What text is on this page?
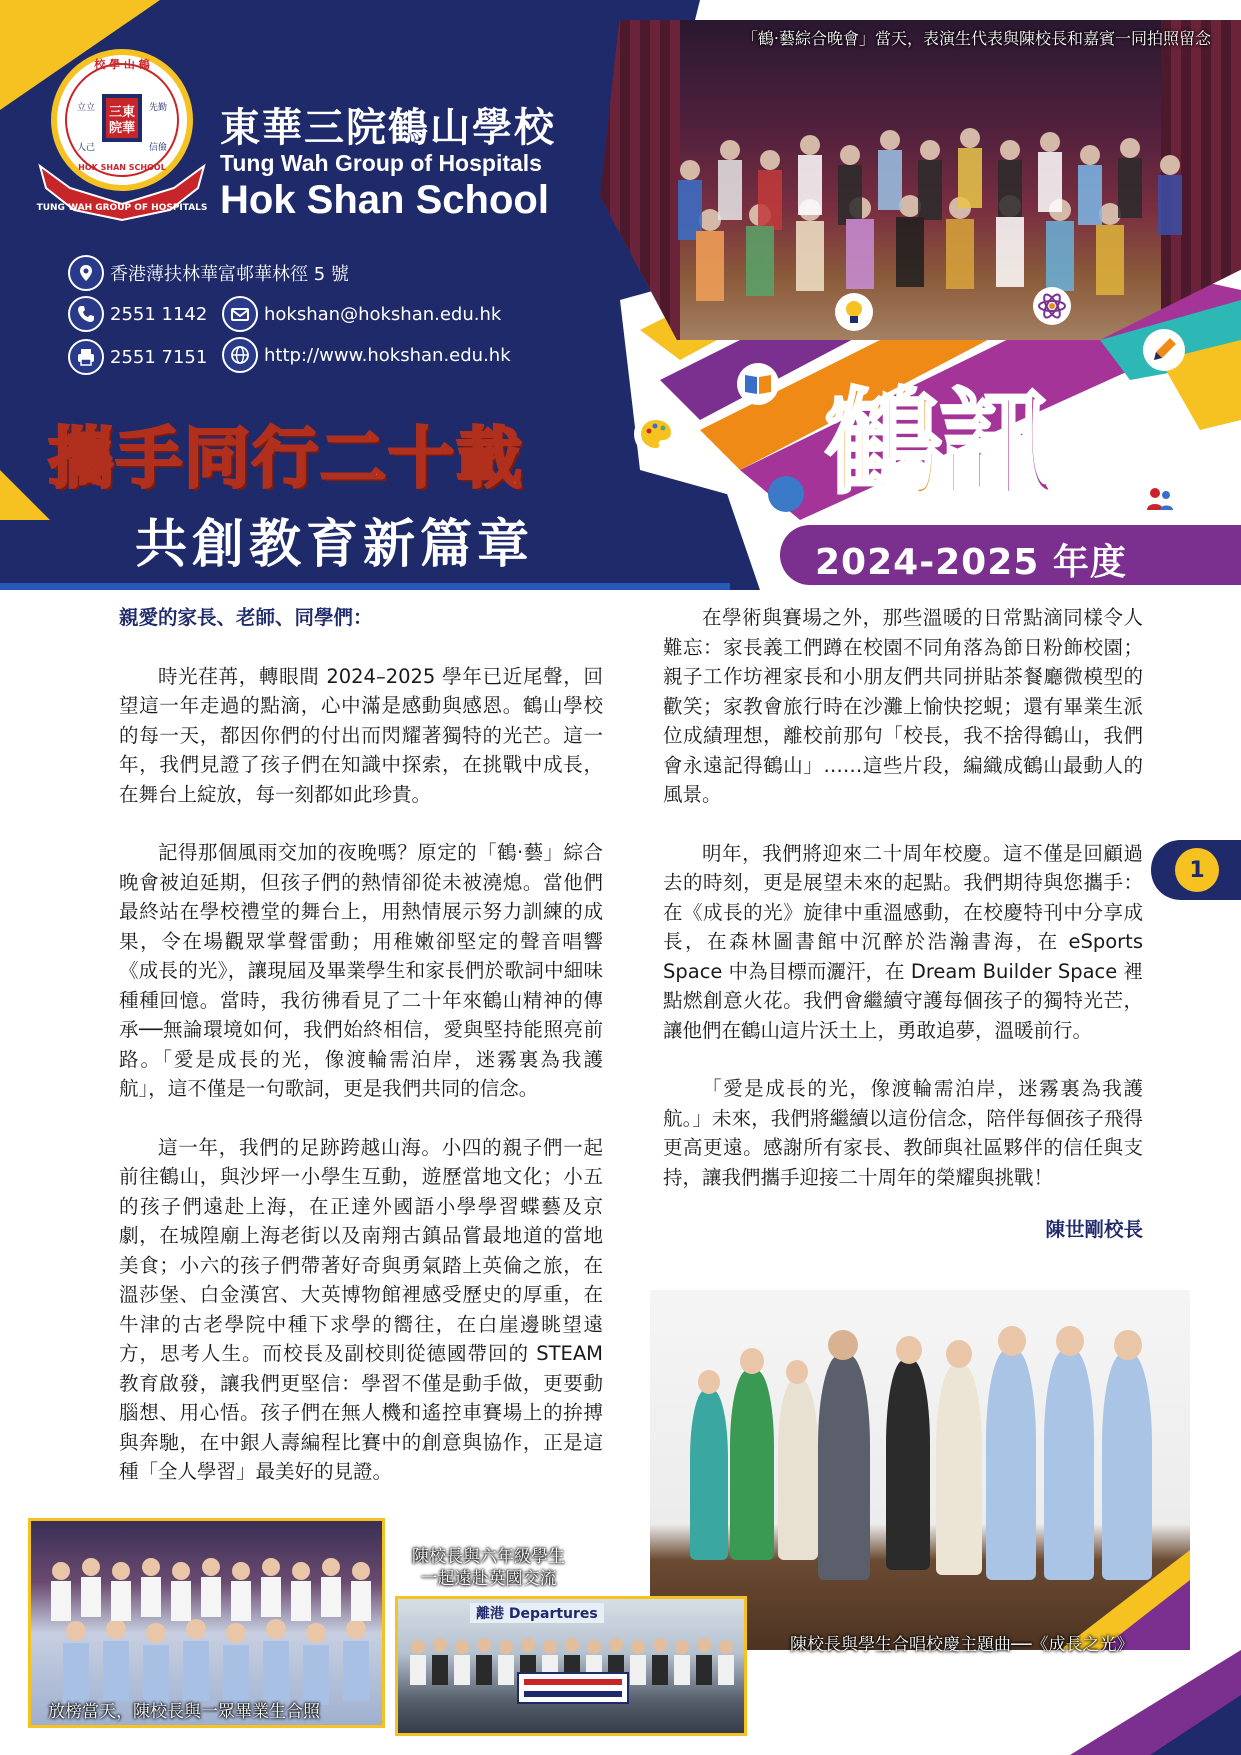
「鶴‧藝綜合晚會」當天，表演生代表與陳校長和嘉賓一同拍照留念
三東
院華
校 學 山 鶴
立立	先勤
人己	信儉
HOK SHAN SCHOOL
TUNG WAH GROUP OF HOSPITALS
東華三院鶴山學校
Tung Wah Group of Hospitals
Hok Shan School
香港薄扶林華富邨華林徑 5 號
2551 1142
2551 7151
hokshan@hokshan.edu.hk
http://www.hokshan.edu.hk
攜手同行二十載
共創教育新篇章
鶴訊
2024-2025 年度

親愛的家長、老師、同學們：

時光荏苒，轉眼間 2024–2025 學年已近尾聲，回望這一年走過的點滴，心中滿是感動與感恩。鶴山學校的每一天，都因你們的付出而閃耀著獨特的光芒。這一年，我們見證了孩子們在知識中探索，在挑戰中成長，在舞台上綻放，每一刻都如此珍貴。

記得那個風雨交加的夜晚嗎？原定的「鶴‧藝」綜合晚會被迫延期，但孩子們的熱情卻從未被澆熄。當他們最終站在學校禮堂的舞台上，用熱情展示努力訓練的成果，令在場觀眾掌聲雷動；用稚嫩卻堅定的聲音唱響《成長的光》，讓現屆及畢業學生和家長們於歌詞中細味種種回憶。當時，我彷彿看見了二十年來鶴山精神的傳承──無論環境如何，我們始終相信，愛與堅持能照亮前路。「愛是成長的光，像渡輪需泊岸，迷霧裏為我護航」，這不僅是一句歌詞，更是我們共同的信念。

這一年，我們的足跡跨越山海。小四的親子們一起前往鶴山，與沙坪一小學生互動，遊歷當地文化；小五的孩子們遠赴上海，在正達外國語小學學習蝶藝及京劇，在城隍廟上海老街以及南翔古鎮品嘗最地道的當地美食；小六的孩子們帶著好奇與勇氣踏上英倫之旅，在溫莎堡、白金漢宮、大英博物館裡感受歷史的厚重，在牛津的古老學院中種下求學的嚮往，在白崖邊眺望遠方，思考人生。而校長及副校則從德國帶回的 STEAM 教育啟發，讓我們更堅信：學習不僅是動手做，更要動腦想、用心悟。孩子們在無人機和遙控車賽場上的拚搏與奔馳，在中銀人壽編程比賽中的創意與協作，正是這種「全人學習」最美好的見證。

在學術與賽場之外，那些溫暖的日常點滴同樣令人難忘：家長義工們蹲在校園不同角落為節日粉飾校園；親子工作坊裡家長和小朋友們共同拼貼茶餐廳微模型的歡笑；家教會旅行時在沙灘上愉快挖蜆；還有畢業生派位成績理想，離校前那句「校長，我不捨得鶴山，我們會永遠記得鶴山」……這些片段，編織成鶴山最動人的風景。

明年，我們將迎來二十周年校慶。這不僅是回顧過去的時刻，更是展望未來的起點。我們期待與您攜手：在《成長的光》旋律中重溫感動，在校慶特刊中分享成長，在森林圖書館中沉醉於浩瀚書海，在 eSports Space 中為目標而灑汗，在 Dream Builder Space 裡點燃創意火花。我們會繼續守護每個孩子的獨特光芒，讓他們在鶴山這片沃土上，勇敢追夢，溫暖前行。

「愛是成長的光，像渡輪需泊岸，迷霧裏為我護航。」未來，我們將繼續以這份信念，陪伴每個孩子飛得更高更遠。感謝所有家長、教師與社區夥伴的信任與支持，讓我們攜手迎接二十周年的榮耀與挑戰！

陳世剛校長

1
陳校長與學生合唱校慶主題曲──《成長之光》
放榜當天，陳校長與一眾畢業生合照
離港 Departures
陳校長與六年級學生
一起遠赴英國交流
